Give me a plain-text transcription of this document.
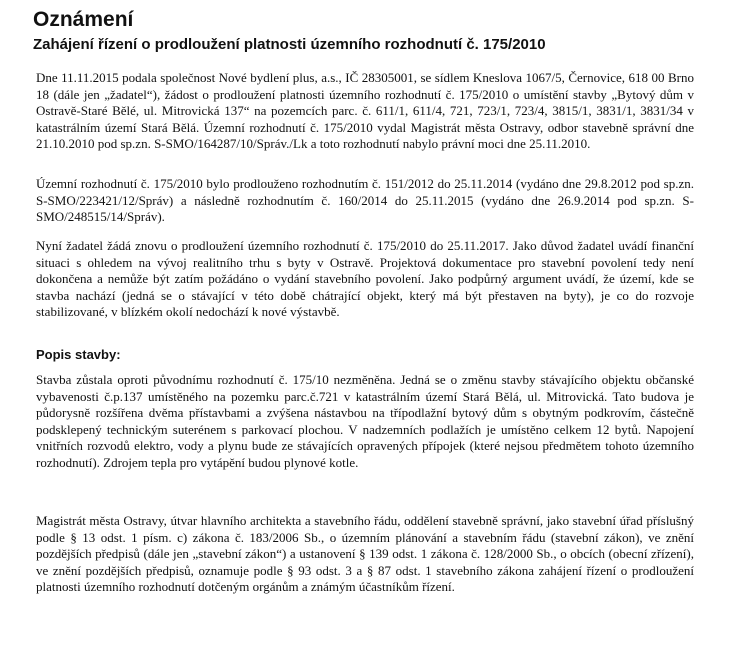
Oznámení
Zahájení řízení o prodloužení platnosti územního rozhodnutí č. 175/2010

Dne 11.11.2015 podala společnost Nové bydlení plus, a.s., IČ 28305001, se sídlem Kneslova 1067/5, Černovice, 618 00 Brno 18 (dále jen „žadatel“), žádost o prodloužení platnosti územního rozhodnutí č. 175/2010 o umístění stavby „Bytový dům v Ostravě-Staré Bělé, ul. Mitrovická 137“ na pozemcích parc. č. 611/1, 611/4, 721, 723/1, 723/4, 3815/1, 3831/1, 3831/34 v katastrálním území Stará Bělá. Územní rozhodnutí č. 175/2010 vydal Magistrát města Ostravy, odbor stavebně správní dne 21.10.2010 pod sp.zn. S-SMO/164287/10/Správ./Lk a toto rozhodnutí nabylo právní moci dne 25.11.2010.

Územní rozhodnutí č. 175/2010 bylo prodlouženo rozhodnutím č. 151/2012 do 25.11.2014 (vydáno dne 29.8.2012 pod sp.zn. S-SMO/223421/12/Správ) a následně rozhodnutím č. 160/2014 do 25.11.2015 (vydáno dne 26.9.2014 pod sp.zn. S-SMO/248515/14/Správ).

Nyní žadatel žádá znovu o prodloužení územního rozhodnutí č. 175/2010 do 25.11.2017. Jako důvod žadatel uvádí finanční situaci s ohledem na vývoj realitního trhu s byty v Ostravě. Projektová dokumentace pro stavební povolení tedy není dokončena a nemůže být zatím požádáno o vydání stavebního povolení. Jako podpůrný argument uvádí, že území, kde se stavba nachází (jedná se o stávající v této době chátrající objekt, který má být přestaven na byty), je co do rozvoje stabilizované, v blízkém okolí nedochází k nové výstavbě.

Popis stavby:

Stavba zůstala oproti původnímu rozhodnutí č. 175/10 nezměněna. Jedná se o změnu stavby stávajícího objektu občanské vybavenosti č.p.137 umístěného na pozemku parc.č.721 v katastrálním území Stará Bělá, ul. Mitrovická. Tato budova je půdorysně rozšířena dvěma přístavbami a zvýšena nástavbou na třípodlažní bytový dům s obytným podkrovím, částečně podsklepený technickým suterénem s parkovací plochou. V nadzemních podlažích je umístěno celkem 12 bytů. Napojení vnitřních rozvodů elektro, vody a plynu bude ze stávajících opravených přípojek (které nejsou předmětem tohoto územního rozhodnutí). Zdrojem tepla pro vytápění budou plynové kotle.

Magistrát města Ostravy, útvar hlavního architekta a stavebního řádu, oddělení stavebně správní, jako stavební úřad příslušný podle § 13 odst. 1 písm. c) zákona č. 183/2006 Sb., o územním plánování a stavebním řádu (stavební zákon), ve znění pozdějších předpisů (dále jen „stavební zákon“) a ustanovení § 139 odst. 1 zákona č. 128/2000 Sb., o obcích (obecní zřízení), ve znění pozdějších předpisů, oznamuje podle § 93 odst. 3 a § 87 odst. 1 stavebního zákona zahájení řízení o prodloužení platnosti územního rozhodnutí dotčeným orgánům a známým účastníkům řízení.
